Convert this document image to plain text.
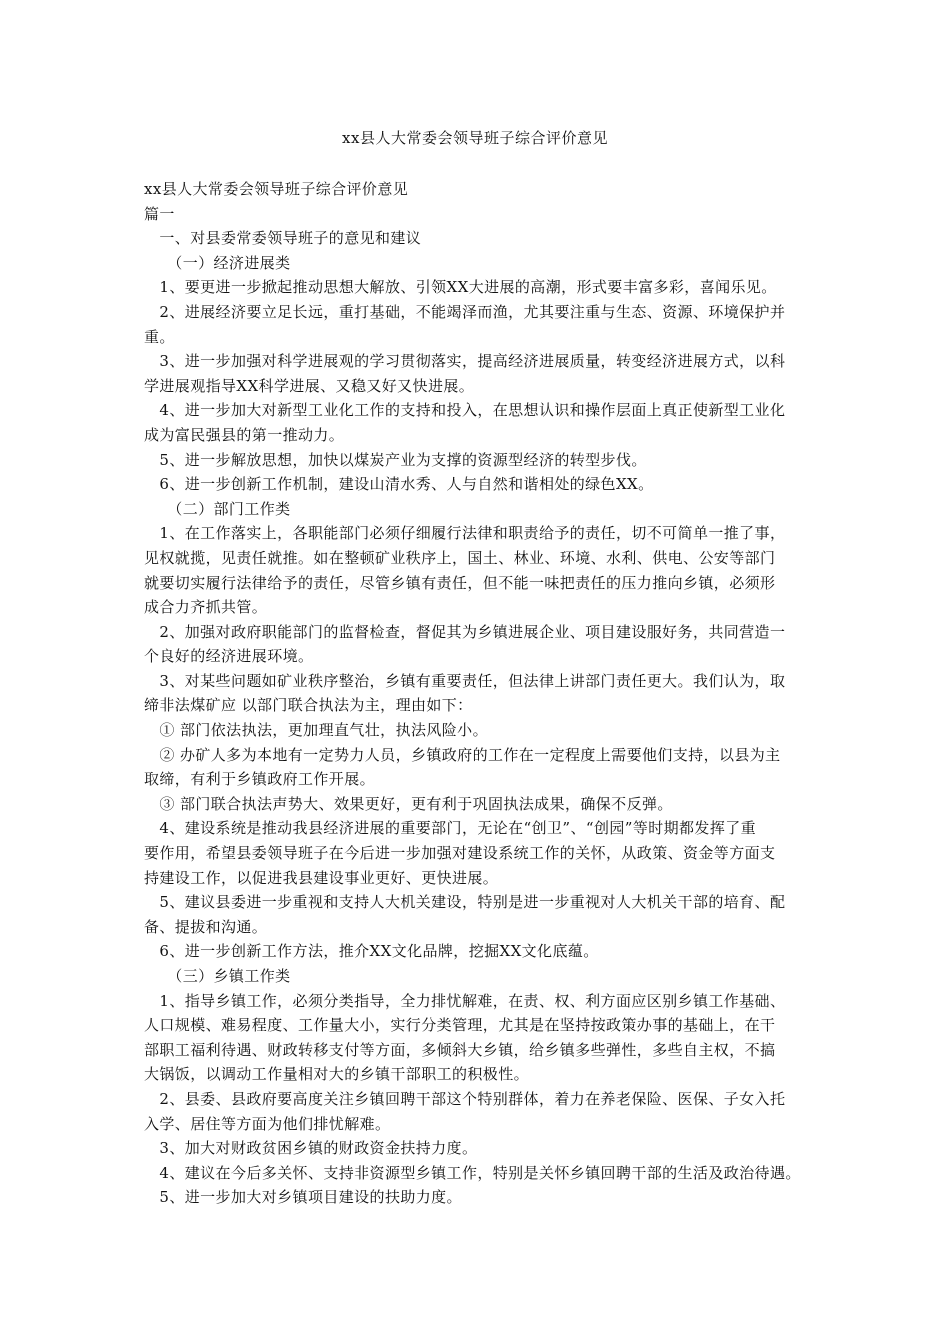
xx县人大常委会领导班子综合评价意见

xx县人大常委会领导班子综合评价意见

篇一

　一、对县委常委领导班子的意见和建议

　　（一）经济进展类

　1、要更进一步掀起推动思想大解放、引领XX大进展的高潮，形式要丰富多彩，喜闻乐见。

　2、进展经济要立足长远，重打基础，不能竭泽而渔，尤其要注重与生态、资源、环境保护并

重。

　3、进一步加强对科学进展观的学习贯彻落实，提高经济进展质量，转变经济进展方式，以科

学进展观指导XX科学进展、又稳又好又快进展。

　4、进一步加大对新型工业化工作的支持和投入，在思想认识和操作层面上真正使新型工业化

成为富民强县的第一推动力。

　5、进一步解放思想，加快以煤炭产业为支撑的资源型经济的转型步伐。

　6、进一步创新工作机制，建设山清水秀、人与自然和谐相处的绿色XX。

　　（二）部门工作类

　1、在工作落实上，各职能部门必须仔细履行法律和职责给予的责任，切不可简单一推了事，

见权就揽，见责任就推。如在整顿矿业秩序上，国土、林业、环境、水利、供电、公安等部门

就要切实履行法律给予的责任，尽管乡镇有责任，但不能一味把责任的压力推向乡镇，必须形

成合力齐抓共管。

　2、加强对政府职能部门的监督检查，督促其为乡镇进展企业、项目建设服好务，共同营造一

个良好的经济进展环境。

　3、对某些问题如矿业秩序整治，乡镇有重要责任，但法律上讲部门责任更大。我们认为，取

缔非法煤矿应 以部门联合执法为主，理由如下：

　① 部门依法执法，更加理直气壮，执法风险小。

　② 办矿人多为本地有一定势力人员，乡镇政府的工作在一定程度上需要他们支持，以县为主

取缔，有利于乡镇政府工作开展。

　③ 部门联合执法声势大、效果更好，更有利于巩固执法成果，确保不反弹。

　4、建设系统是推动我县经济进展的重要部门，无论在“创卫”、“创园”等时期都发挥了重

要作用，希望县委领导班子在今后进一步加强对建设系统工作的关怀，从政策、资金等方面支

持建设工作，以促进我县建设事业更好、更快进展。

　5、建议县委进一步重视和支持人大机关建设，特别是进一步重视对人大机关干部的培育、配

备、提拔和沟通。

　6、进一步创新工作方法，推介XX文化品牌，挖掘XX文化底蕴。

　　（三）乡镇工作类

　1、指导乡镇工作，必须分类指导，全力排忧解难，在责、权、利方面应区别乡镇工作基础、

人口规模、难易程度、工作量大小，实行分类管理，尤其是在坚持按政策办事的基础上，在干

部职工福利待遇、财政转移支付等方面，多倾斜大乡镇，给乡镇多些弹性，多些自主权，不搞

大锅饭，以调动工作量相对大的乡镇干部职工的积极性。

　2、县委、县政府要高度关注乡镇回聘干部这个特别群体，着力在养老保险、医保、子女入托

入学、居住等方面为他们排忧解难。

　3、加大对财政贫困乡镇的财政资金扶持力度。

　4、建议在今后多关怀、支持非资源型乡镇工作，特别是关怀乡镇回聘干部的生活及政治待遇。

　5、进一步加大对乡镇项目建设的扶助力度。
